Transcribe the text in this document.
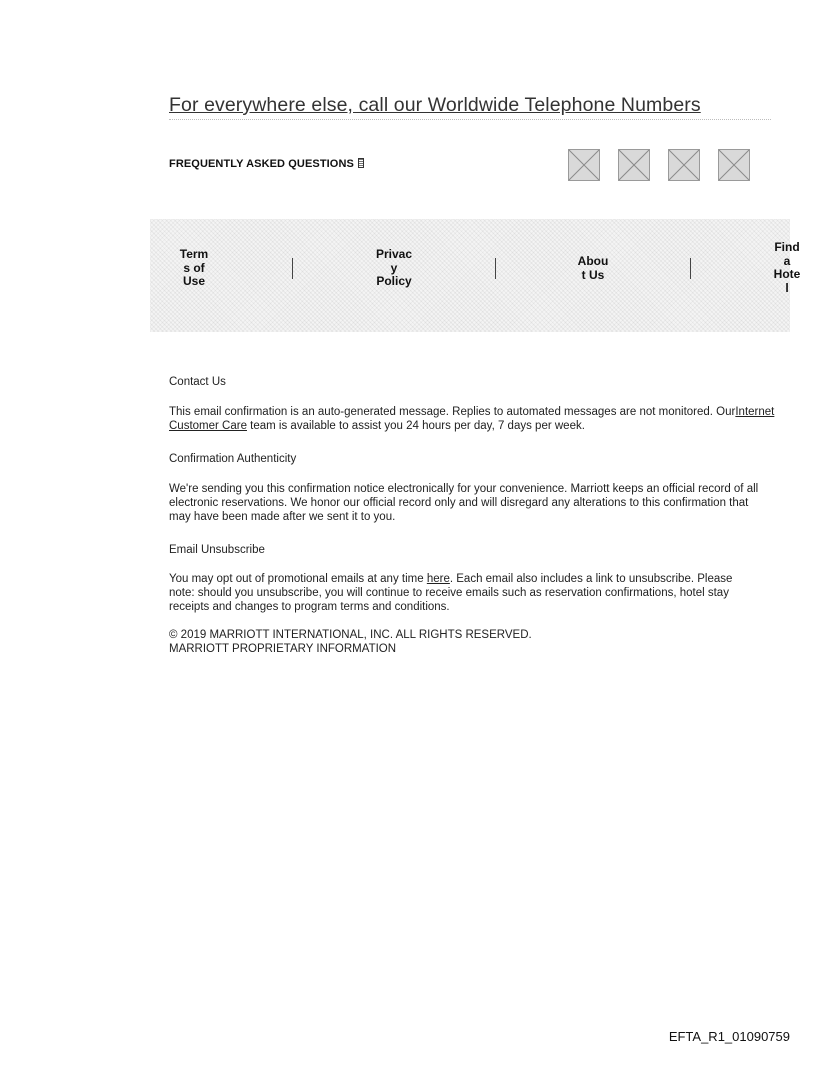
For everywhere else, call our Worldwide Telephone Numbers
FREQUENTLY ASKED QUESTIONS
Term
s of
Use
Privac
y
Policy
Abou
t Us
Find
a
Hote
l
Contact Us
This email confirmation is an auto-generated message. Replies to automated messages are not monitored. OurInternet Customer Care team is available to assist you 24 hours per day, 7 days per week.
Confirmation Authenticity
We're sending you this confirmation notice electronically for your convenience. Marriott keeps an official record of all electronic reservations. We honor our official record only and will disregard any alterations to this confirmation that may have been made after we sent it to you.
Email Unsubscribe
You may opt out of promotional emails at any time here. Each email also includes a link to unsubscribe. Please note: should you unsubscribe, you will continue to receive emails such as reservation confirmations, hotel stay receipts and changes to program terms and conditions.
© 2019 MARRIOTT INTERNATIONAL, INC. ALL RIGHTS RESERVED.
MARRIOTT PROPRIETARY INFORMATION
EFTA_R1_01090759
